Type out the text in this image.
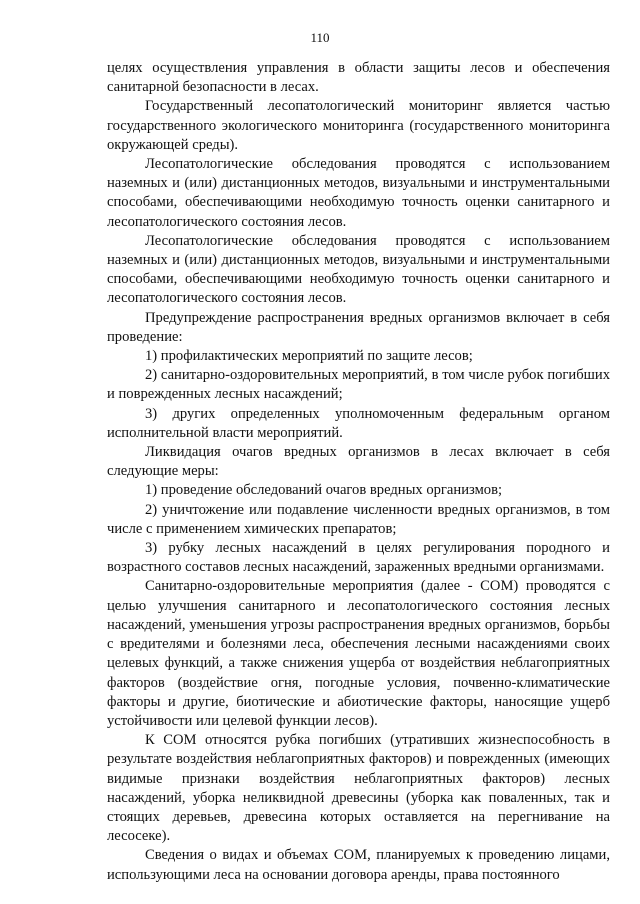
110

целях осуществления управления в области защиты лесов и обеспечения санитарной безопасности в лесах.

Государственный лесопатологический мониторинг является частью государственного экологического мониторинга (государственного мониторинга окружающей среды).

Лесопатологические обследования проводятся с использованием наземных и (или) дистанционных методов, визуальными и инструментальными способами, обеспечивающими необходимую точность оценки санитарного и лесопатологического состояния лесов.

Лесопатологические обследования проводятся с использованием наземных и (или) дистанционных методов, визуальными и инструментальными способами, обеспечивающими необходимую точность оценки санитарного и лесопатологического состояния лесов.

Предупреждение распространения вредных организмов включает в себя проведение:

1) профилактических мероприятий по защите лесов;

2) санитарно-оздоровительных мероприятий, в том числе рубок погибших и поврежденных лесных насаждений;

3) других определенных уполномоченным федеральным органом исполнительной власти мероприятий.

Ликвидация очагов вредных организмов в лесах включает в себя следующие меры:

1) проведение обследований очагов вредных организмов;

2) уничтожение или подавление численности вредных организмов, в том числе с применением химических препаратов;

3) рубку лесных насаждений в целях регулирования породного и возрастного составов лесных насаждений, зараженных вредными организмами.

Санитарно-оздоровительные мероприятия (далее - СОМ) проводятся с целью улучшения санитарного и лесопатологического состояния лесных насаждений, уменьшения угрозы распространения вредных организмов, борьбы с вредителями и болезнями леса, обеспечения лесными насаждениями своих целевых функций, а также снижения ущерба от воздействия неблагоприятных факторов (воздействие огня, погодные условия, почвенно-климатические факторы и другие, биотические и абиотические факторы, наносящие ущерб устойчивости или целевой функции лесов).

К СОМ относятся рубка погибших (утративших жизнеспособность в результате воздействия неблагоприятных факторов) и поврежденных (имеющих видимые признаки воздействия неблагоприятных факторов) лесных насаждений, уборка неликвидной древесины (уборка как поваленных, так и стоящих деревьев, древесина которых оставляется на перегнивание на лесосеке).

Сведения о видах и объемах СОМ, планируемых к проведению лицами, использующими леса на основании договора аренды, права постоянного
